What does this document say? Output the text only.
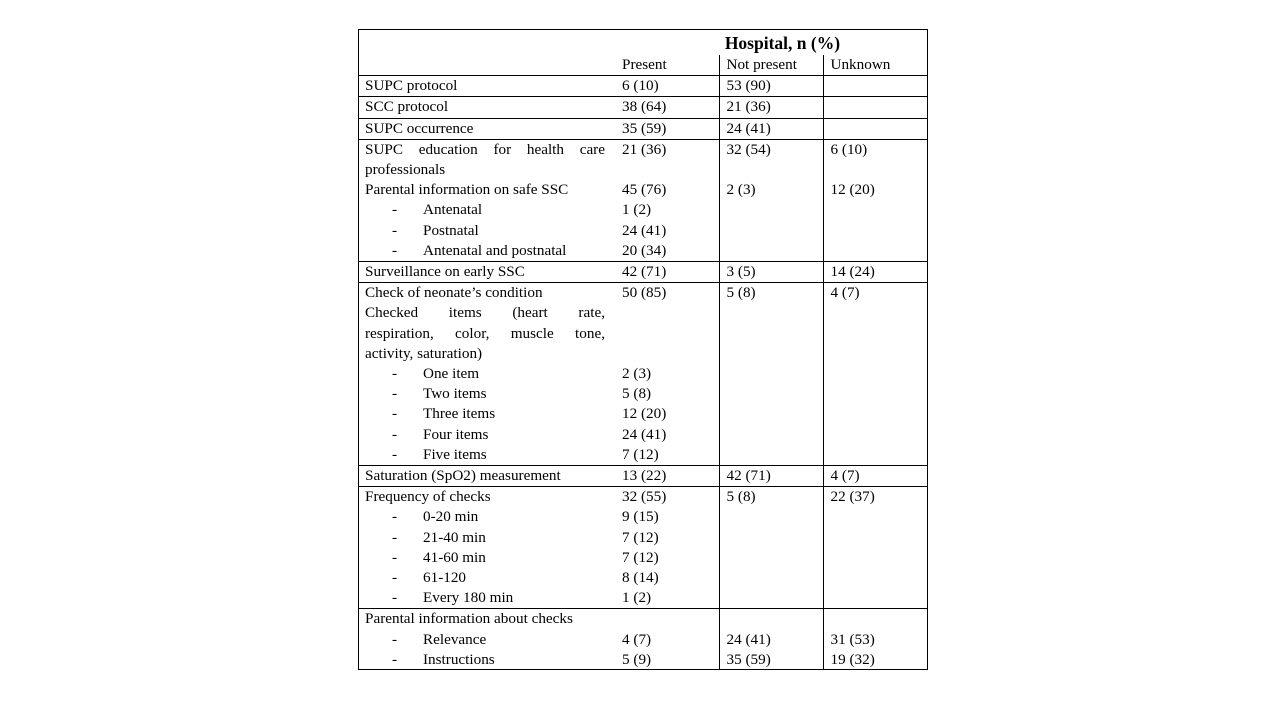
Hospital, n (%)			
	Present	Not present	Unknown
SUPC protocol	6 (10)	53 (90)	
SCC protocol	38 (64)	21 (36)	
SUPC occurrence	35 (59)	24 (41)	
SUPC education for health care	21 (36)	32 (54)	6 (10)
professionals			
Parental information on safe SSC	45 (76)	2 (3)	12 (20)

- Antenatal	1 (2)		

- Postnatal	24 (41)		

- Antenatal and postnatal	20 (34)		
Surveillance on early SSC	42 (71)	3 (5)	14 (24)
Check of neonate’s condition	50 (85)	5 (8)	4 (7)
Checked items (heart rate,			
respiration, color, muscle tone,			
activity, saturation)			

- One item	2 (3)		

- Two items	5 (8)		

- Three items	12 (20)		

- Four items	24 (41)		

- Five items	7 (12)		
Saturation (SpO2) measurement	13 (22)	42 (71)	4 (7)
Frequency of checks	32 (55)	5 (8)	22 (37)

- 0-20 min	9 (15)		

- 21-40 min	7 (12)		

- 41-60 min	7 (12)		

- 61-120	8 (14)		

- Every 180 min	1 (2)		
Parental information about checks			

- Relevance	4 (7)	24 (41)	31 (53)

- Instructions	5 (9)	35 (59)	19 (32)
